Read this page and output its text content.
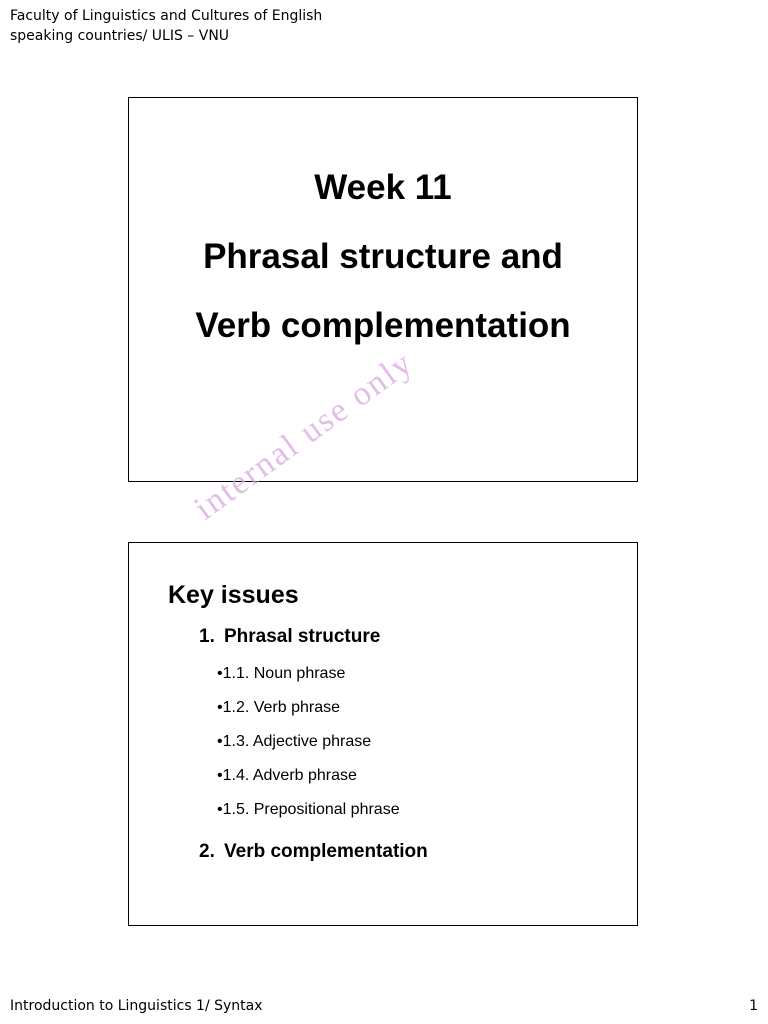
Faculty of Linguistics and Cultures of English
speaking countries/ ULIS – VNU
Week 11
Phrasal structure and
Verb complementation
Key issues
1. Phrasal structure
•1.1. Noun phrase
•1.2. Verb phrase
•1.3. Adjective phrase
•1.4. Adverb phrase
•1.5. Prepositional phrase
2. Verb complementation
internal use only
Introduction to Linguistics 1/ Syntax	1
